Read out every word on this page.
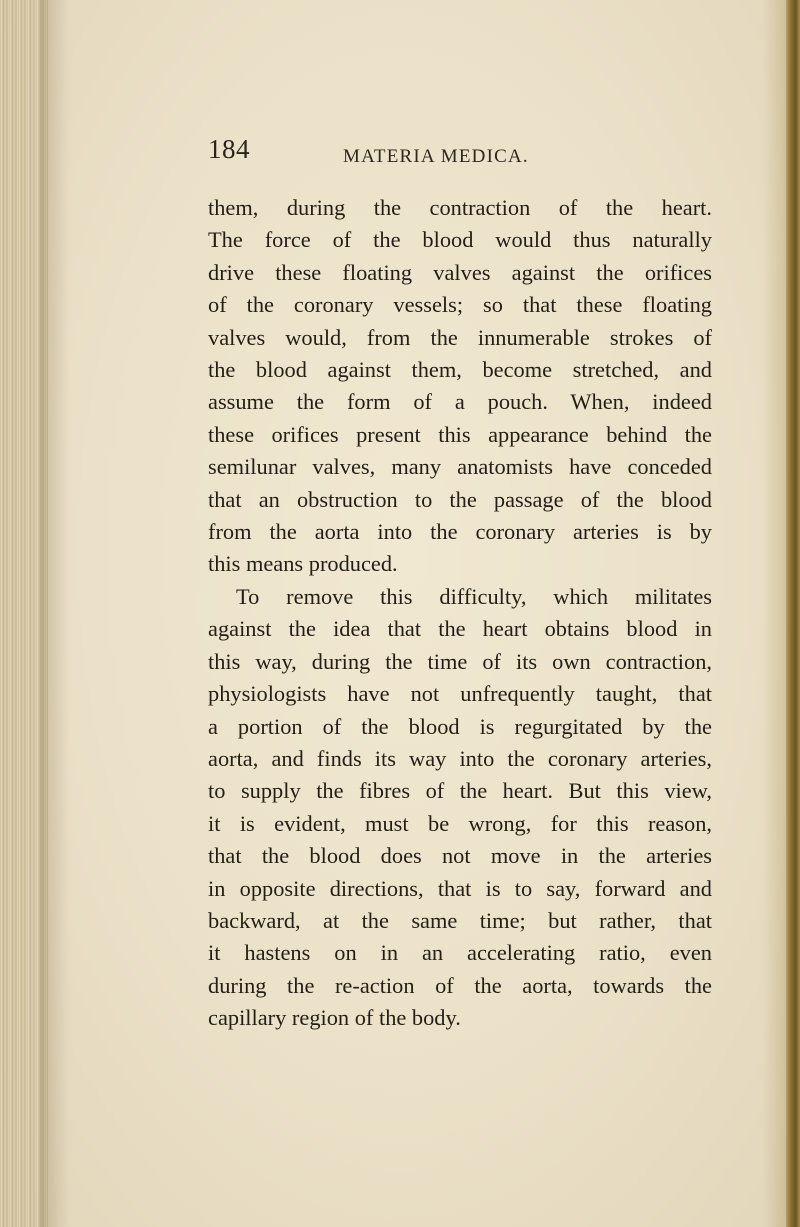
184	MATERIA MEDICA.

them, during the contraction of the heart.
The force of the blood would thus naturally
drive these floating valves against the orifices
of the coronary vessels; so that these floating
valves would, from the innumerable strokes of
the blood against them, become stretched, and
assume the form of a pouch. When, indeed
these orifices present this appearance behind the
semilunar valves, many anatomists have conceded
that an obstruction to the passage of the blood
from the aorta into the coronary arteries is by
this means produced.

To remove this difficulty, which militates
against the idea that the heart obtains blood in
this way, during the time of its own contraction,
physiologists have not unfrequently taught, that
a portion of the blood is regurgitated by the
aorta, and finds its way into the coronary arteries,
to supply the fibres of the heart. But this view,
it is evident, must be wrong, for this reason,
that the blood does not move in the arteries
in opposite directions, that is to say, forward and
backward, at the same time; but rather, that
it hastens on in an accelerating ratio, even
during the re-action of the aorta, towards the
capillary region of the body.
